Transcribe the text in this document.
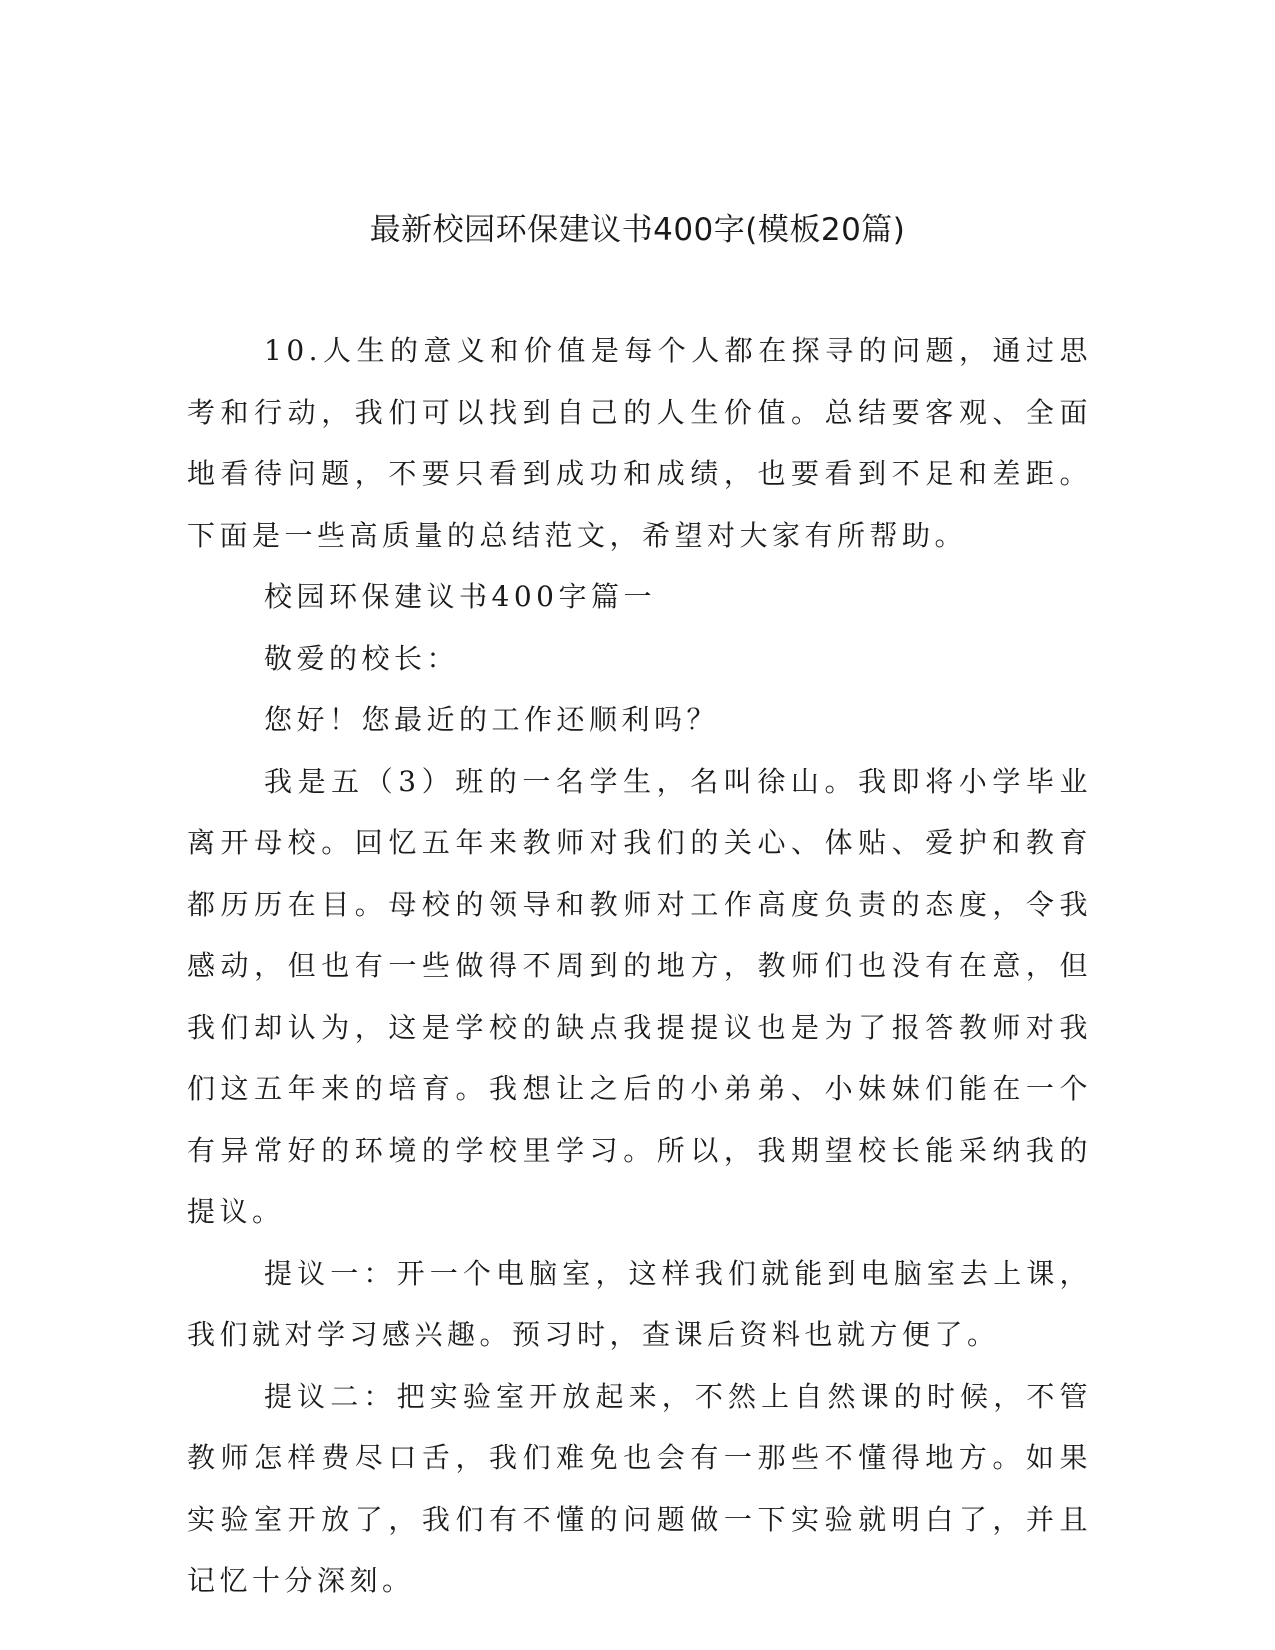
最新校园环保建议书400字(模板20篇)

10.人生的意义和价值是每个人都在探寻的问题，通过思考和行动，我们可以找到自己的人生价值。总结要客观、全面地看待问题，不要只看到成功和成绩，也要看到不足和差距。下面是一些高质量的总结范文，希望对大家有所帮助。

校园环保建议书400字篇一

敬爱的校长：

您好！您最近的工作还顺利吗？

我是五（3）班的一名学生，名叫徐山。我即将小学毕业离开母校。回忆五年来教师对我们的关心、体贴、爱护和教育都历历在目。母校的领导和教师对工作高度负责的态度，令我感动，但也有一些做得不周到的地方，教师们也没有在意，但我们却认为，这是学校的缺点我提提议也是为了报答教师对我们这五年来的培育。我想让之后的小弟弟、小妹妹们能在一个有异常好的环境的学校里学习。所以，我期望校长能采纳我的提议。

提议一：开一个电脑室，这样我们就能到电脑室去上课，我们就对学习感兴趣。预习时，查课后资料也就方便了。

提议二：把实验室开放起来，不然上自然课的时候，不管教师怎样费尽口舌，我们难免也会有一那些不懂得地方。如果实验室开放了，我们有不懂的问题做一下实验就明白了，并且记忆十分深刻。
